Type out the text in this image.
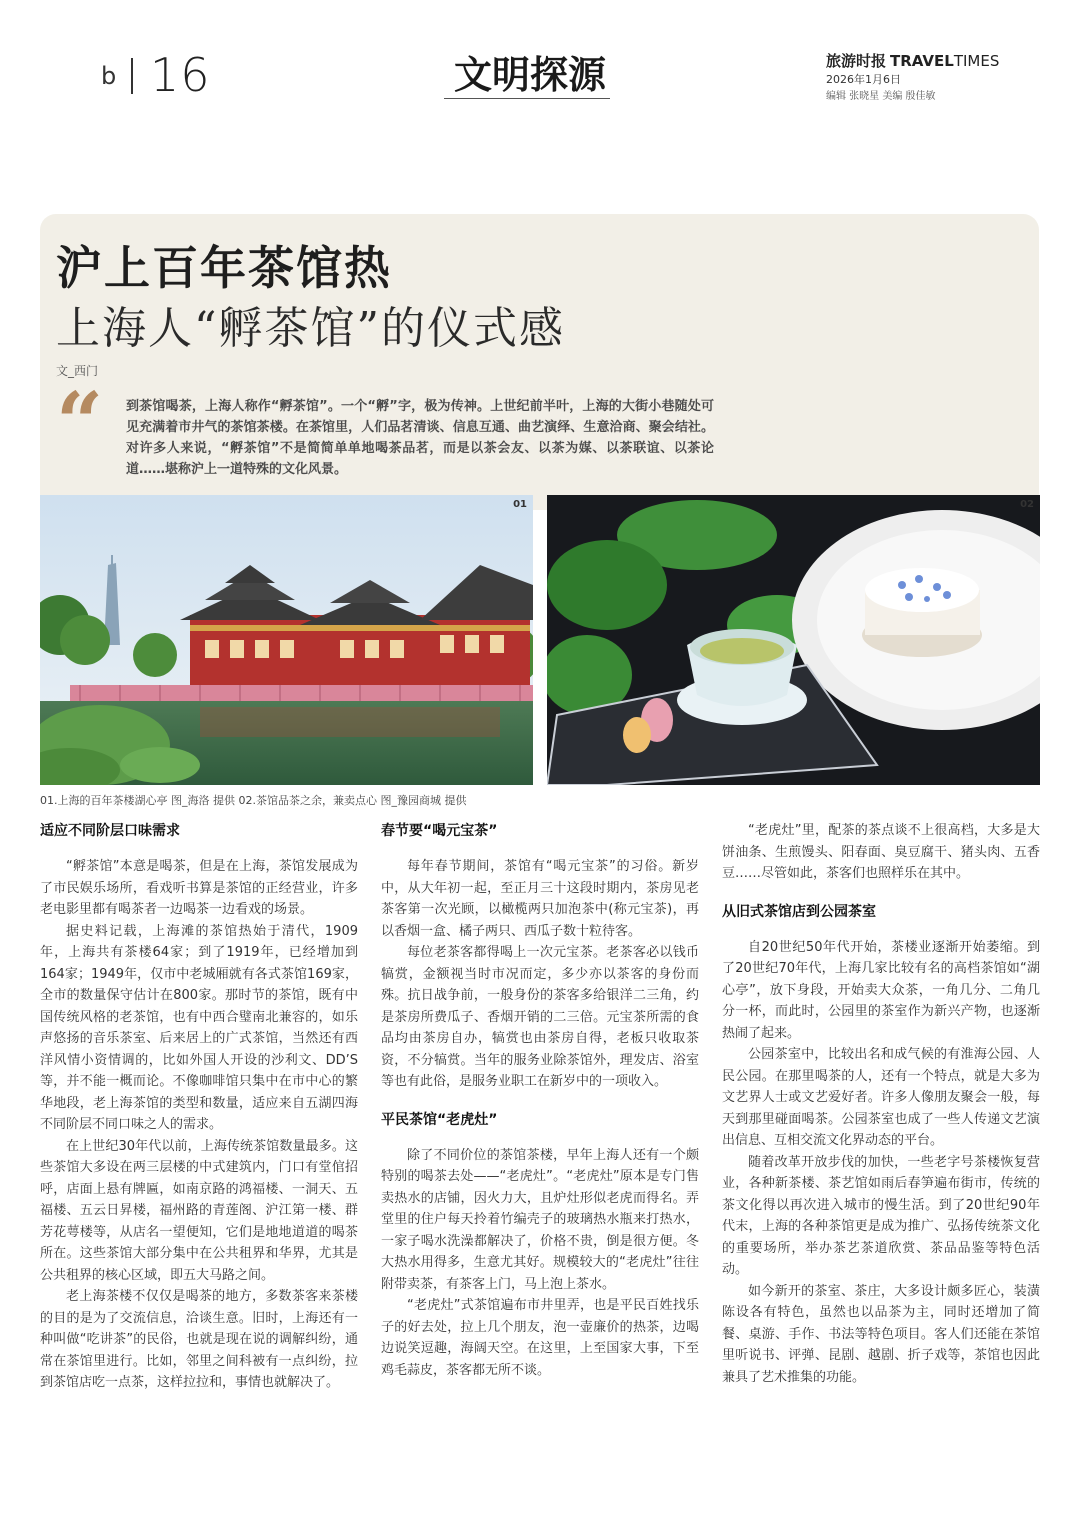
b 16	文明探源	旅游时报 TRAVELTIMES
2026年1月6日
编辑 张晓星 美编 殷佳敏
沪上百年茶馆热
上海人“孵茶馆”的仪式感
文_西门
“ 到茶馆喝茶，上海人称作“孵茶馆”。一个“孵”字，极为传神。上世纪前半叶，上海的大街小巷随处可见充满着市井气的茶馆茶楼。在茶馆里，人们品茗清谈、信息互通、曲艺演绎、生意洽商、聚会结社。对许多人来说，“孵茶馆”不是简简单单地喝茶品茗，而是以茶会友、以茶为媒、以茶联谊、以茶论道……堪称沪上一道特殊的文化风景。

01	02
01.上海的百年茶楼湖心亭 图_海洛 提供 02.茶馆品茶之余，兼卖点心 图_豫园商城 提供
适应不同阶层口味需求

“孵茶馆”本意是喝茶，但是在上海，茶馆发展成为了市民娱乐场所，看戏听书算是茶馆的正经营业，许多老电影里都有喝茶者一边喝茶一边看戏的场景。

据史料记载，上海滩的茶馆热始于清代，1909年，上海共有茶楼64家；到了1919年，已经增加到164家；1949年，仅市中老城厢就有各式茶馆169家，全市的数量保守估计在800家。那时节的茶馆，既有中国传统风格的老茶馆，也有中西合璧南北兼容的，如乐声悠扬的音乐茶室、后来居上的广式茶馆，当然还有西洋风情小资情调的，比如外国人开设的沙利文、DD’S等，并不能一概而论。不像咖啡馆只集中在市中心的繁华地段，老上海茶馆的类型和数量，适应来自五湖四海不同阶层不同口味之人的需求。

在上世纪30年代以前，上海传统茶馆数量最多。这些茶馆大多设在两三层楼的中式建筑内，门口有堂倌招呼，店面上悬有牌匾，如南京路的鸿福楼、一洞天、五福楼、五云日昇楼，福州路的青莲阁、沪江第一楼、群芳花萼楼等，从店名一望便知，它们是地地道道的喝茶所在。这些茶馆大部分集中在公共租界和华界，尤其是公共租界的核心区域，即五大马路之间。

老上海茶楼不仅仅是喝茶的地方，多数茶客来茶楼的目的是为了交流信息，洽谈生意。旧时，上海还有一种叫做“吃讲茶”的民俗，也就是现在说的调解纠纷，通常在茶馆里进行。比如，邻里之间科被有一点纠纷，拉到茶馆店吃一点茶，这样拉拉和，事情也就解决了。

春节要“喝元宝茶”

每年春节期间，茶馆有“喝元宝茶”的习俗。新岁中，从大年初一起，至正月三十这段时期内，茶房见老茶客第一次光顾，以橄榄两只加泡茶中(称元宝茶)，再以香烟一盒、橘子两只、西瓜子数十粒待客。

每位老茶客都得喝上一次元宝茶。老茶客必以钱币犒赏，金额视当时市况而定，多少亦以茶客的身份而殊。抗日战争前，一般身份的茶客多给银洋二三角，约是茶房所费瓜子、香烟开销的二三倍。元宝茶所需的食品均由茶房自办，犒赏也由茶房自得，老板只收取茶资，不分犒赏。当年的服务业除茶馆外，理发店、浴室等也有此俗，是服务业职工在新岁中的一项收入。

平民茶馆“老虎灶”

除了不同价位的茶馆茶楼，早年上海人还有一个颇特别的喝茶去处——“老虎灶”。“老虎灶”原本是专门售卖热水的店铺，因火力大，且炉灶形似老虎而得名。弄堂里的住户每天拎着竹编壳子的玻璃热水瓶来打热水，一家子喝水洗澡都解决了，价格不贵，倒是很方便。冬大热水用得多，生意尤其好。规模较大的“老虎灶”往往附带卖茶，有茶客上门，马上泡上茶水。

“老虎灶”式茶馆遍布市井里弄，也是平民百姓找乐子的好去处，拉上几个朋友，泡一壶廉价的热茶，边喝边说笑逗趣，海阔天空。在这里，上至国家大事，下至鸡毛蒜皮，茶客都无所不谈。

“老虎灶”里，配茶的茶点谈不上很高档，大多是大饼油条、生煎馒头、阳春面、臭豆腐干、猪头肉、五香豆……尽管如此，茶客们也照样乐在其中。

从旧式茶馆店到公园茶室

自20世纪50年代开始，茶楼业逐渐开始萎缩。到了20世纪70年代，上海几家比较有名的高档茶馆如“湖心亭”，放下身段，开始卖大众茶，一角几分、二角几分一杯，而此时，公园里的茶室作为新兴产物，也逐渐热闹了起来。

公园茶室中，比较出名和成气候的有淮海公园、人民公园。在那里喝茶的人，还有一个特点，就是大多为文艺界人士或文艺爱好者。许多人像朋友聚会一般，每天到那里碰面喝茶。公园茶室也成了一些人传递文艺演出信息、互相交流文化界动态的平台。

随着改革开放步伐的加快，一些老字号茶楼恢复营业，各种新茶楼、茶艺馆如雨后春笋遍布街市，传统的茶文化得以再次进入城市的慢生活。到了20世纪90年代末，上海的各种茶馆更是成为推广、弘扬传统茶文化的重要场所，举办茶艺茶道欣赏、茶品品鉴等特色活动。

如今新开的茶室、茶庄，大多设计颇多匠心，装潢陈设各有特色，虽然也以品茶为主，同时还增加了简餐、桌游、手作、书法等特色项目。客人们还能在茶馆里听说书、评弹、昆剧、越剧、折子戏等，茶馆也因此兼具了艺术推集的功能。
